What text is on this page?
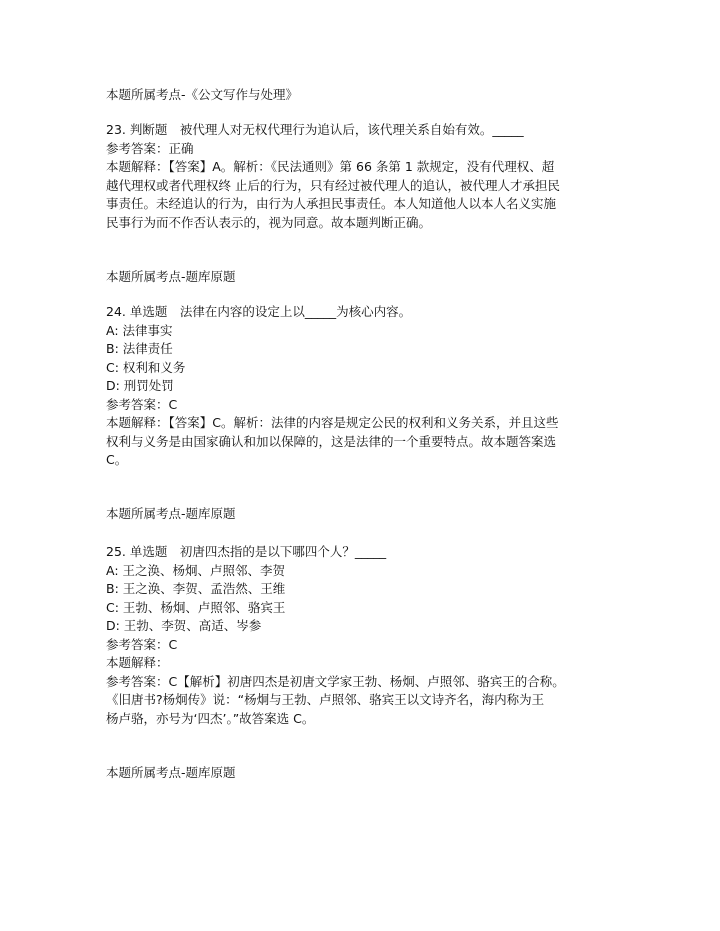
本题所属考点-《公文写作与处理》
23. 判断题　被代理人对无权代理行为追认后，该代理关系自始有效。_____
参考答案：正确
本题解释：【答案】A。解析：《民法通则》第 66 条第 1 款规定，没有代理权、超
越代理权或者代理权终 止后的行为，只有经过被代理人的追认，被代理人才承担民
事责任。未经追认的行为，由行为人承担民事责任。本人知道他人以本人名义实施
民事行为而不作否认表示的，视为同意。故本题判断正确。
本题所属考点-题库原题
24. 单选题　法律在内容的设定上以_____为核心内容。
A: 法律事实
B: 法律责任
C: 权利和义务
D: 刑罚处罚
参考答案：C
本题解释：【答案】C。解析：法律的内容是规定公民的权利和义务关系，并且这些
权利与义务是由国家确认和加以保障的，这是法律的一个重要特点。故本题答案选
C。
本题所属考点-题库原题
25. 单选题　初唐四杰指的是以下哪四个人？_____
A: 王之涣、杨炯、卢照邻、李贺
B: 王之涣、李贺、孟浩然、王维
C: 王勃、杨炯、卢照邻、骆宾王
D: 王勃、李贺、高适、岑参
参考答案：C
本题解释：
参考答案：C【解析】初唐四杰是初唐文学家王勃、杨炯、卢照邻、骆宾王的合称。
《旧唐书?杨炯传》说：“杨炯与王勃、卢照邻、骆宾王以文诗齐名，海内称为王
杨卢骆，亦号为‘四杰’。”故答案选 C。
本题所属考点-题库原题
